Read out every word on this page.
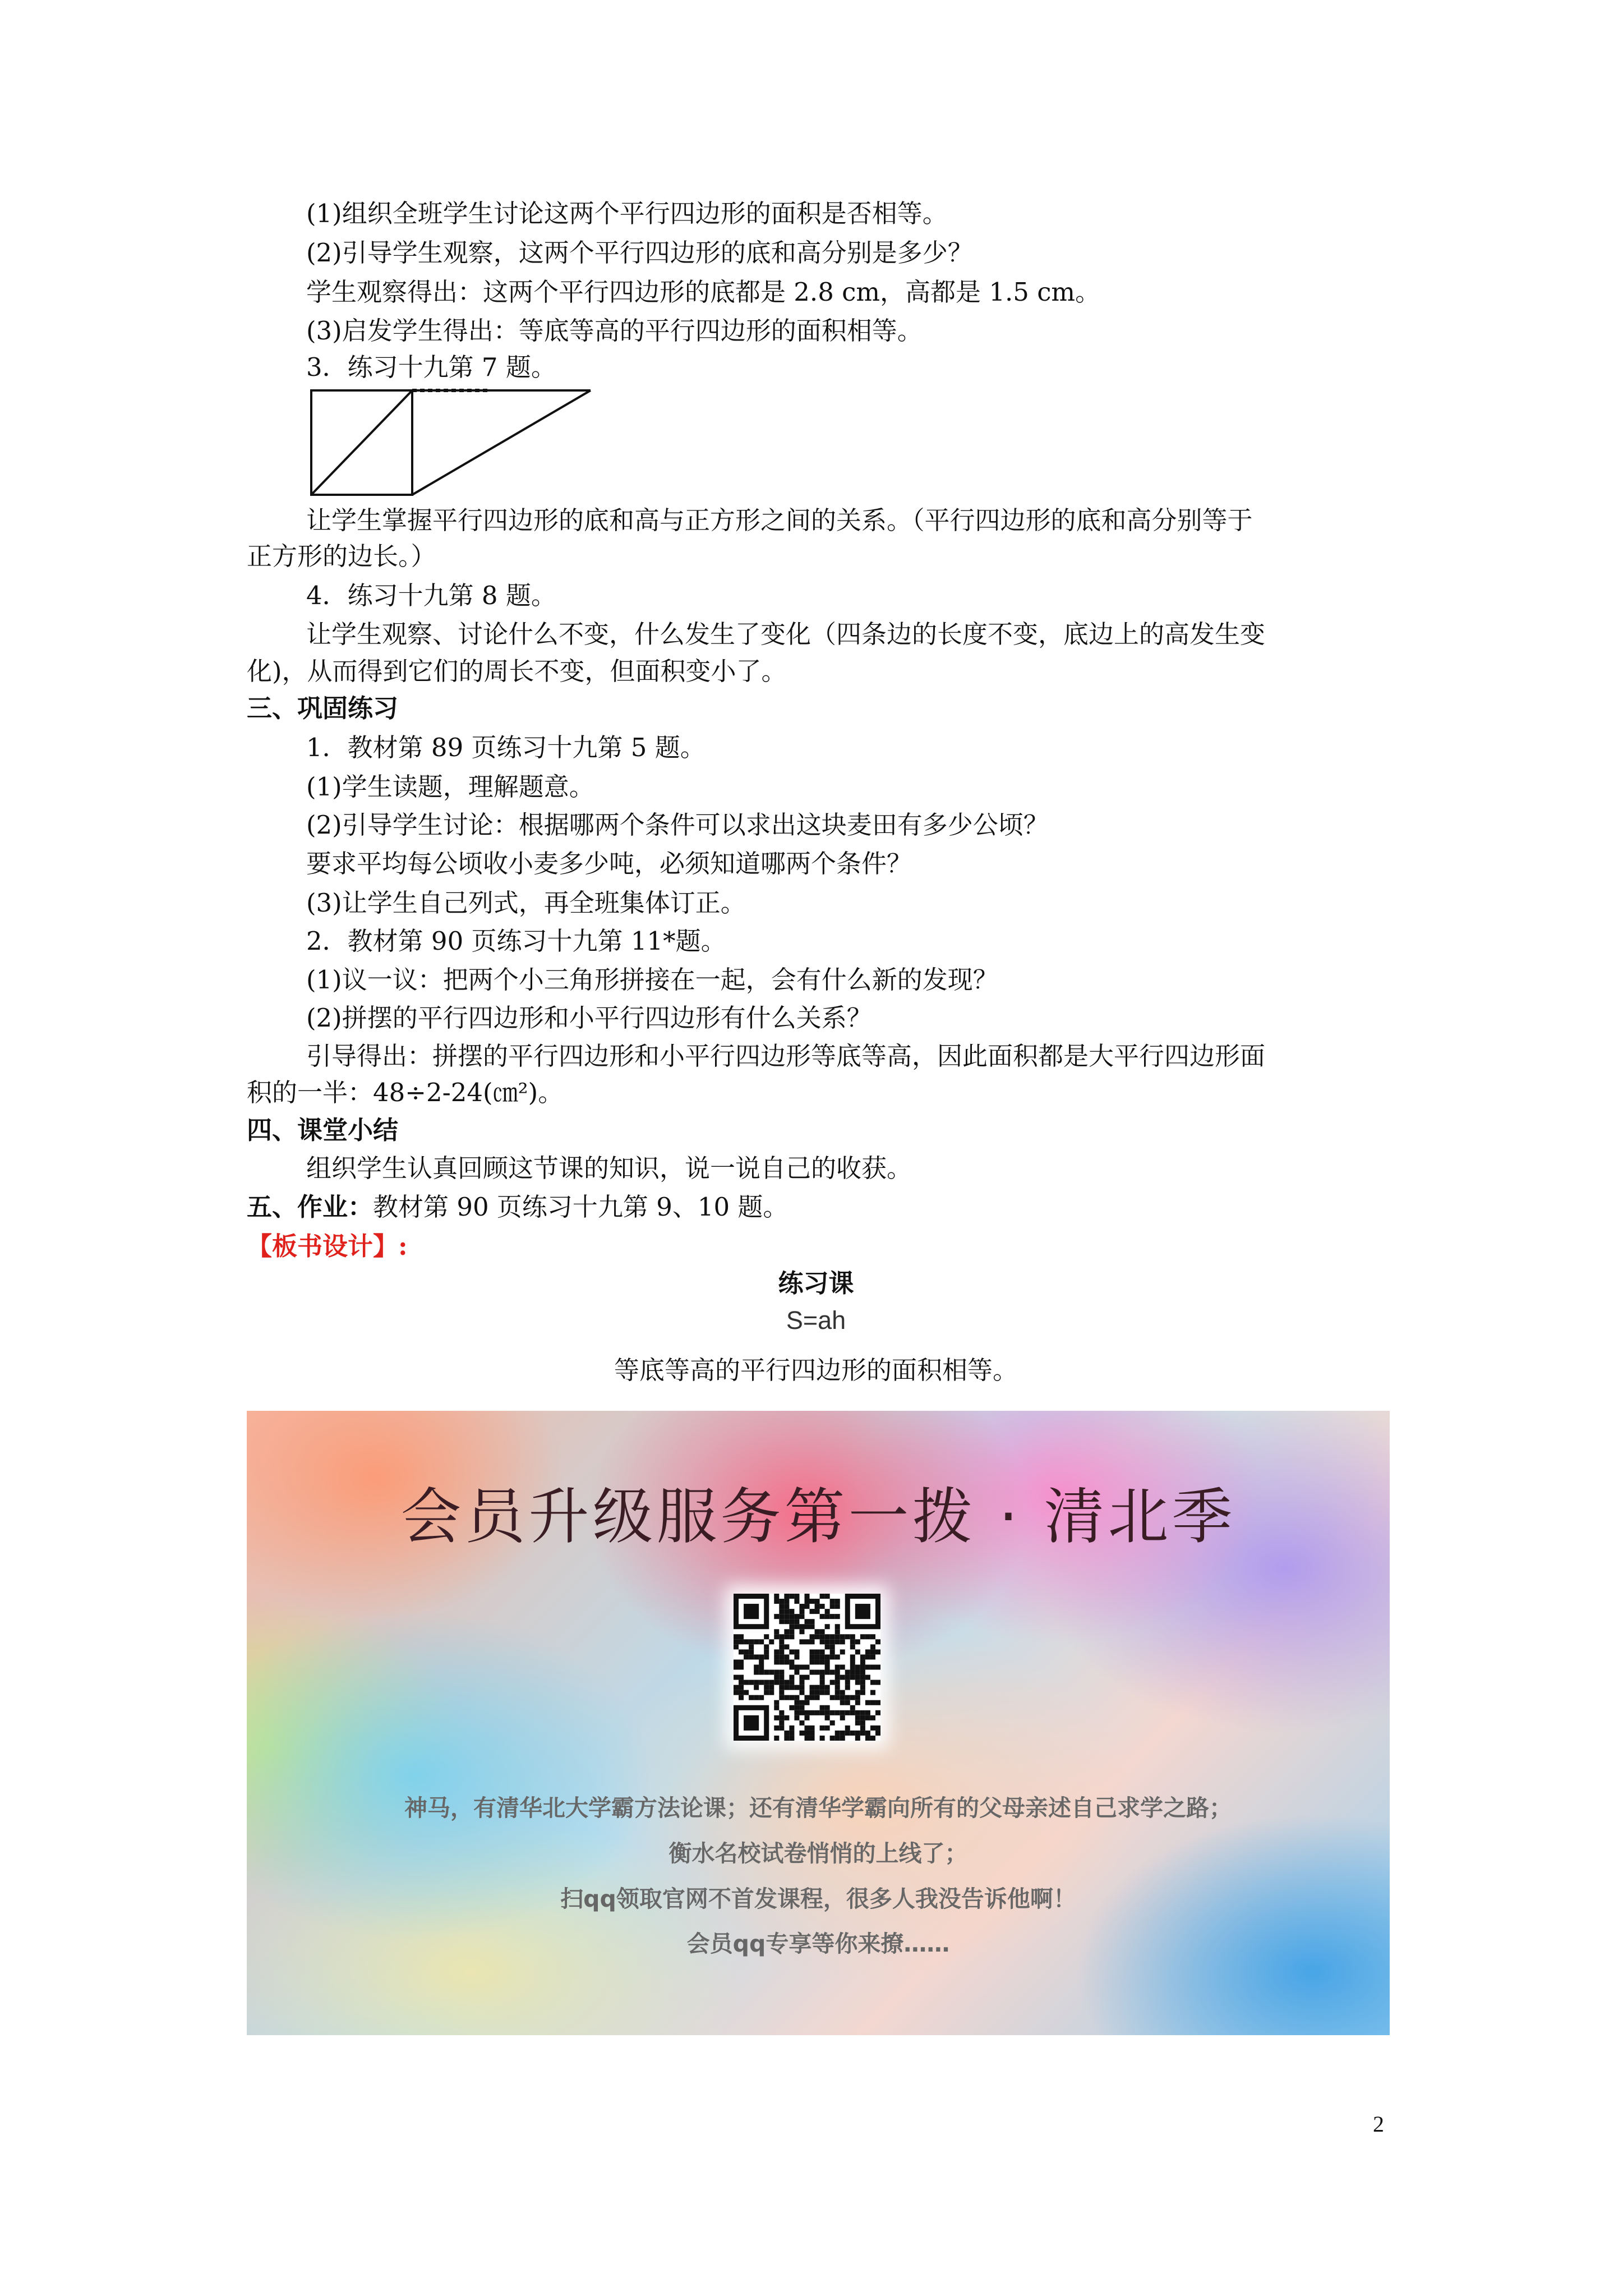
(1)组织全班学生讨论这两个平行四边形的面积是否相等。
(2)引导学生观察，这两个平行四边形的底和高分别是多少？
学生观察得出：这两个平行四边形的底都是 2.8 cm，高都是 1.5 cm。
(3)启发学生得出：等底等高的平行四边形的面积相等。
3．练习十九第 7 题。
让学生掌握平行四边形的底和高与正方形之间的关系。（平行四边形的底和高分别等于
正方形的边长。）
4．练习十九第 8 题。
让学生观察、讨论什么不变，什么发生了变化（四条边的长度不变，底边上的高发生变
化)，从而得到它们的周长不变，但面积变小了。
三、巩固练习
1．教材第 89 页练习十九第 5 题。
(1)学生读题，理解题意。
(2)引导学生讨论：根据哪两个条件可以求出这块麦田有多少公顷？
要求平均每公顷收小麦多少吨，必须知道哪两个条件？
(3)让学生自己列式，再全班集体订正。
2．教材第 90 页练习十九第 11*题。
(1)议一议：把两个小三角形拼接在一起，会有什么新的发现？
(2)拼摆的平行四边形和小平行四边形有什么关系？
引导得出：拼摆的平行四边形和小平行四边形等底等高，因此面积都是大平行四边形面
积的一半：48÷2-24(㎝²)。
四、课堂小结
组织学生认真回顾这节课的知识，说一说自己的收获。
五、作业：教材第 90 页练习十九第 9、10 题。
【板书设计】:
练习课
S=ah
等底等高的平行四边形的面积相等。
会员升级服务第一拨 · 清北季
神马，有清华北大学霸方法论课；还有清华学霸向所有的父母亲述自己求学之路；
衡水名校试卷悄悄的上线了；
扫qq领取官网不首发课程，很多人我没告诉他啊！
会员qq专享等你来撩……
2
